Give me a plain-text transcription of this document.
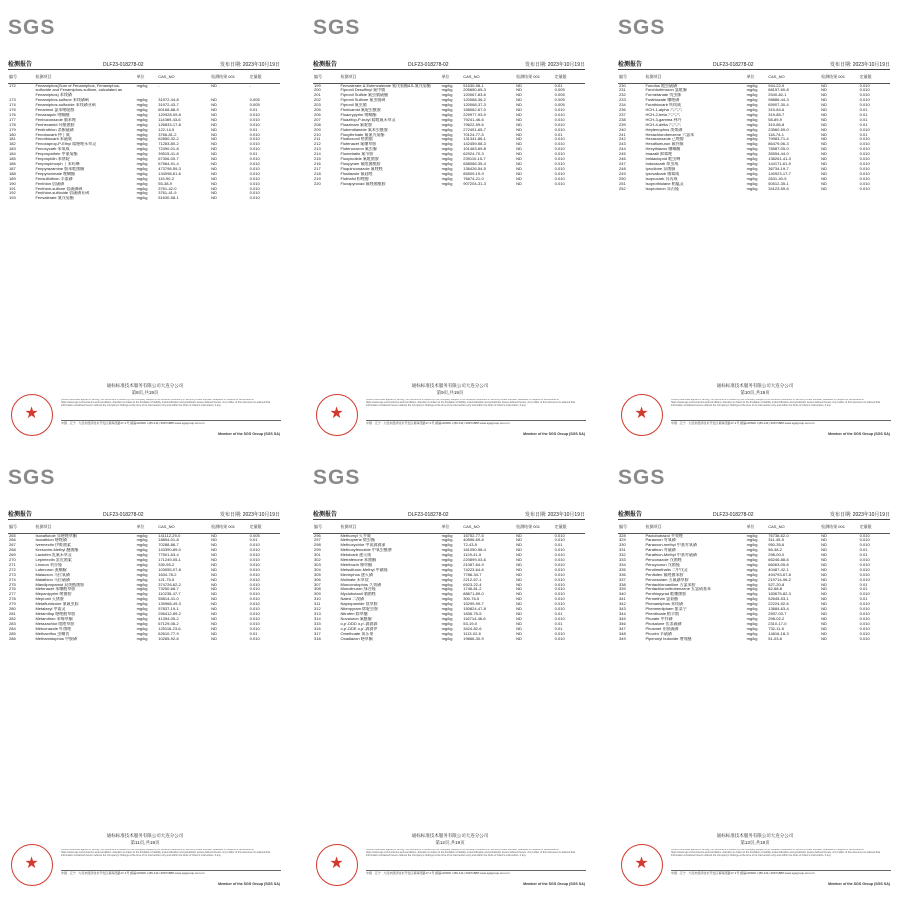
SGS
检测报告	DLF23-018278-02	发布日期: 2023年10月19日
编号	检测项目	单位	CAS_NO	检测结果 001	定量限
172	Fenamiphos(Sum of Fenamiphos, Fenamiphos-sulfoxide and Fenamiphos-sulfone, calculated as Fenamiphos) 苯线磷	mg/kg	-	ND	-
173	Fenamiphos-sulfone 苯线磷砜	mg/kg	31972-44-8	ND	0.005
174	Fenamiphos-sulfoxide 苯线磷亚砜	mg/kg	31972-43-7	ND	0.005
175	Fenarimol 氯苯嘧啶醇	mg/kg	60168-88-9	ND	0.01
176	Fenazaquin 喹螨醚	mg/kg	120928-09-8	ND	0.010
177	Fenbuconazole 腈苯唑	mg/kg	114369-43-6	ND	0.010
178	Fenhexamid 环酰菌胺	mg/kg	126833-17-8	ND	0.010
179	Fenitrothion 杀螟硫磷	mg/kg	122-14-5	ND	0.01
180	Fenobucarb 仲丁威	mg/kg	3766-81-2	ND	0.010
181	Fenothiocarb 苯硫威	mg/kg	62850-32-2	ND	0.010
182	Fenoxaprop-P-Ethyl 精噁唑禾草灵	mg/kg	71283-80-2	ND	0.010
183	Fenoxycarb 苯氧威	mg/kg	72490-01-8	ND	0.010
184	Fenpropathrin 甲氰菊酯	mg/kg	39515-41-8	ND	0.01
185	Fenpropidin 苯锈啶	mg/kg	67306-00-7	ND	0.010
186	Fenpropimorph 丁苯吗啉	mg/kg	67564-91-4	ND	0.010
187	Fenpyrazamine 胺苯吡菌酮	mg/kg	473798-59-3	ND	0.010
188	Fenpyroximate 唑螨酯	mg/kg	134098-61-6	ND	0.010
189	Fensulfothion 丰索磷	mg/kg	115-90-2	ND	0.010
190	Fenthion 倍硫磷	mg/kg	55-38-9	ND	0.010
191	Fenthion-sulfone 倍硫磷砜	mg/kg	3761-42-0	ND	0.010
192	Fenthion-sulfoxide 倍硫磷亚砜	mg/kg	3761-41-9	ND	0.010
193	Fenvalerate 氰戊菊酯	mg/kg	51630-58-1	ND	0.010
通标标准技术服务有限公司大连分公司
第8页,共19页
★
Unless otherwise agreed in writing, this document is issued by the Company subject to its General Conditions of Service printed overleaf, available on request or accessible at https://www.sgs.com/en/terms-and-conditions. Attention is drawn to the limitation of liability, indemnification and jurisdiction issues defined therein. Any holder of this document is advised that information contained hereon reflects the Company's findings at the time of its intervention only and within the limits of Client's instructions, if any.
中国 · 辽宁 · 大连市经济技术开发区黄海西路17-1号 邮编116600 t (86-411) 39971888 www.sgsgroup.com.cn
Member of the SGS Group (SGS SA)
SGS
检测报告	DLF23-018278-02	发布日期: 2023年10月19日
编号	检测项目	单位	CAS_NO	检测结果 001	定量限
199	Fenvalerate & Esfenvalerate 氰戊菊酯&S-氰戊菊酯	mg/kg	51630-58-1	ND	0.01
200	Fipronil Desulfinyl 氟甲腈	mg/kg	205650-65-3	ND	0.005
201	Fipronil Sulfide 氟虫腈硫醚	mg/kg	120067-83-6	ND	0.005
202	Fipronil Sulfone 氟虫腈砜	mg/kg	120068-36-2	ND	0.005
203	Fipronil 氟虫腈	mg/kg	120068-37-3	ND	0.005
205	Flonicamid 氟啶虫酰胺	mg/kg	158062-67-0	ND	0.010
206	Fluacrypyrim 嘧螨酯	mg/kg	229977-93-9	ND	0.010
207	Fluazifop-P-butyl 精吡氟禾草灵	mg/kg	79241-46-6	ND	0.010
208	Fluazinam 氟啶胺	mg/kg	79622-59-6	ND	0.010
209	Flubendiamide 氟苯虫酰胺	mg/kg	272451-65-7	ND	0.010
210	Flucythrinate 氟氰戊菊酯	mg/kg	70124-77-5	ND	0.01
211	Fludioxonil 咯菌腈	mg/kg	131341-86-1	ND	0.010
212	Flufenacet 氟噻草胺	mg/kg	142459-58-3	ND	0.010
213	Flufenoxuron 氟虫脲	mg/kg	101463-69-8	ND	0.010
214	Flumetralin 氟节胺	mg/kg	62924-70-3	ND	0.010
215	Fluopicolide 氟吡菌胺	mg/kg	239110-15-7	ND	0.010
216	Fluopyram 氟吡菌酰胺	mg/kg	658066-35-4	ND	0.010
217	Fluquinconazole 氟喹唑	mg/kg	136426-54-5	ND	0.010
218	Flusilazole 氟硅唑	mg/kg	85509-19-9	ND	0.010
219	Flutriafol 粉唑醇	mg/kg	76674-21-0	ND	0.010
220	Fluxapyroxad 氟唑菌酰胺	mg/kg	907204-31-3	ND	0.010
通标标准技术服务有限公司大连分公司
第9页,共19页
★
Unless otherwise agreed in writing, this document is issued by the Company subject to its General Conditions of Service printed overleaf, available on request or accessible at https://www.sgs.com/en/terms-and-conditions. Attention is drawn to the limitation of liability, indemnification and jurisdiction issues defined therein. Any holder of this document is advised that information contained hereon reflects the Company's findings at the time of its intervention only and within the limits of Client's instructions, if any.
中国 · 辽宁 · 大连市经济技术开发区黄海西路17-1号 邮编116600 t (86-411) 39971888 www.sgsgroup.com.cn
Member of the SGS Group (SGS SA)
SGS
检测报告	DLF23-018278-02	发布日期: 2023年10月19日
编号	检测项目	单位	CAS_NO	检测结果 001	定量限
230	Fonofos 地虫硫磷	mg/kg	944-22-9	ND	0.010
231	Forchlorfenuron 氯吡脲	mg/kg	68157-60-8	ND	0.010
232	Formetanate 伐虫脒	mg/kg	2540-82-1	ND	0.010
233	Fosthiazate 噻唑磷	mg/kg	98886-44-3	ND	0.010
234	Furathiocarb 呋线威	mg/kg	65907-30-4	ND	0.010
236	HCH-1-alpha 六六六	mg/kg	319-84-6	ND	0.01
237	HCH-2-beta 六六六	mg/kg	319-85-7	ND	0.01
238	HCH-3-gamma 林丹	mg/kg	58-89-9	ND	0.01
239	HCH-4-delta 六六六	mg/kg	319-86-8	ND	0.01
240	Heptenophos 庚烯磷	mg/kg	23560-59-0	ND	0.010
241	Hexachlorobenzene 六氯苯	mg/kg	118-74-1	ND	0.01
242	Hexaconazole 己唑醇	mg/kg	79983-71-4	ND	0.010
243	Hexaflumuron 氟铃脲	mg/kg	86479-06-3	ND	0.010
244	Hexythiazox 噻螨酮	mg/kg	78587-05-0	ND	0.010
245	Imazalil 抑霉唑	mg/kg	35554-44-0	ND	0.010
246	Imidacloprid 吡虫啉	mg/kg	138261-41-3	ND	0.010
247	Indoxacarb 茚虫威	mg/kg	144171-61-9	ND	0.010
248	Iprodione 异菌脲	mg/kg	36734-19-7	ND	0.010
249	Iprovalicarb 缬霉威	mg/kg	140923-17-7	ND	0.010
250	Isoprocarb 异丙威	mg/kg	2631-40-5	ND	0.010
251	Isoprothiolane 稻瘟灵	mg/kg	50512-35-1	ND	0.010
252	Isoproturon 异丙隆	mg/kg	34123-59-6	ND	0.010
通标标准技术服务有限公司大连分公司
第10页,共19页
★
Unless otherwise agreed in writing, this document is issued by the Company subject to its General Conditions of Service printed overleaf, available on request or accessible at https://www.sgs.com/en/terms-and-conditions. Attention is drawn to the limitation of liability, indemnification and jurisdiction issues defined therein. Any holder of this document is advised that information contained hereon reflects the Company's findings at the time of its intervention only and within the limits of Client's instructions, if any.
中国 · 辽宁 · 大连市经济技术开发区黄海西路17-1号 邮编116600 t (86-411) 39971888 www.sgsgroup.com.cn
Member of the SGS Group (SGS SA)
SGS
检测报告	DLF23-018278-02	发布日期: 2023年10月19日
编号	检测项目	单位	CAS_NO	检测结果 001	定量限
265	Isoxaflutole 异噁唑草酮	mg/kg	141112-29-0	ND	0.005
266	Isoxathion 噁唑磷	mg/kg	18854-01-8	ND	0.01
267	Ivermectin 伊维菌素	mg/kg	70288-86-7	ND	0.010
268	Kresoxim-Methyl 醚菌酯	mg/kg	143390-89-0	ND	0.010
269	Lactofen 乳氟禾草灵	mg/kg	77501-63-4	ND	0.010
270	Lepimectin 雷皮菌素	mg/kg	171249-05-1	ND	0.010
271	Linuron 利谷隆	mg/kg	330-55-2	ND	0.010
272	Lufenuron 虱螨脲	mg/kg	103055-07-8	ND	0.010
273	Malaoxon 马拉氧磷	mg/kg	1634-78-2	ND	0.010
274	Malathion 马拉硫磷	mg/kg	121-75-5	ND	0.010
275	Mandipropamid 双炔酰菌胺	mg/kg	374726-62-2	ND	0.010
276	Mefenacet 苯噻酰草胺	mg/kg	73250-68-7	ND	0.010
277	Mepanipyrim 嘧菌胺	mg/kg	110235-47-7	ND	0.010
278	Mepronil 灭锈胺	mg/kg	55814-41-0	ND	0.010
279	Metaflumizone 氰氟虫腙	mg/kg	139968-49-3	ND	0.010
280	Metalaxyl 甲霜灵	mg/kg	57837-19-1	ND	0.010
281	Metamifop 噁唑酰草胺	mg/kg	256412-89-2	ND	0.010
282	Metamitron 苯嗪草酮	mg/kg	41394-05-2	ND	0.010
283	Metazachlor 吡唑草胺	mg/kg	67129-08-2	ND	0.010
284	Metconazole 叶菌唑	mg/kg	125116-23-6	ND	0.010
285	Methacrifos 虫螨畏	mg/kg	62610-77-9	ND	0.01
286	Methamidophos 甲胺磷	mg/kg	10265-92-6	ND	0.010
通标标准技术服务有限公司大连分公司
第11页,共19页
★
Unless otherwise agreed in writing, this document is issued by the Company subject to its General Conditions of Service printed overleaf, available on request or accessible at https://www.sgs.com/en/terms-and-conditions. Attention is drawn to the limitation of liability, indemnification and jurisdiction issues defined therein. Any holder of this document is advised that information contained hereon reflects the Company's findings at the time of its intervention only and within the limits of Client's instructions, if any.
中国 · 辽宁 · 大连市经济技术开发区黄海西路17-1号 邮编116600 t (86-411) 39971888 www.sgsgroup.com.cn
Member of the SGS Group (SGS SA)
SGS
检测报告	DLF23-018278-02	发布日期: 2023年10月19日
编号	检测项目	单位	CAS_NO	检测结果 001	定量限
296	Methomyl 灭多威	mg/kg	16752-77-5	ND	0.010
297	Methoprene 烯虫酯	mg/kg	40596-69-8	ND	0.010
298	Methoxychlor 甲氧滴滴涕	mg/kg	72-43-5	ND	0.01
299	Methoxyfenozide 甲氧虫酰肼	mg/kg	161050-58-4	ND	0.010
301	Metolcarb 速灭威	mg/kg	1129-41-5	ND	0.010
302	Metrafenone 苯菌酮	mg/kg	220899-03-6	ND	0.010
303	Metribuzin 嗪草酮	mg/kg	21087-64-9	ND	0.010
304	Metsulfuron-Methyl 甲磺隆	mg/kg	74223-64-6	ND	0.010
305	Mevinphos 速灭磷	mg/kg	7786-34-7	ND	0.010
306	Molinate 禾草敌	mg/kg	2212-67-1	ND	0.010
307	Monocrotophos 久效磷	mg/kg	6923-22-4	ND	0.010
308	Monolinuron 绿谷隆	mg/kg	1746-81-2	ND	0.010
309	Myclobutanil 腈菌唑	mg/kg	88671-89-0	ND	0.010
310	Naled 二溴磷	mg/kg	300-76-5	ND	0.010
311	Napropamide 敌草胺	mg/kg	15299-99-7	ND	0.010
312	Nitenpyram 烯啶虫胺	mg/kg	150824-47-8	ND	0.010
313	Nitrofen 除草醚	mg/kg	1836-75-5	ND	0.01
314	Novaluron 氟酰脲	mg/kg	116714-46-6	ND	0.010
315	o,p'-DDD o,p'-滴滴滴	mg/kg	53-19-0	ND	0.01
316	o,p'-DDE o,p'-滴滴伊	mg/kg	3424-82-6	ND	0.01
317	Omethoate 氧乐果	mg/kg	1113-02-6	ND	0.010
318	Oxadiazon 噁草酮	mg/kg	19666-30-9	ND	0.010
通标标准技术服务有限公司大连分公司
第12页,共19页
★
Unless otherwise agreed in writing, this document is issued by the Company subject to its General Conditions of Service printed overleaf, available on request or accessible at https://www.sgs.com/en/terms-and-conditions. Attention is drawn to the limitation of liability, indemnification and jurisdiction issues defined therein. Any holder of this document is advised that information contained hereon reflects the Company's findings at the time of its intervention only and within the limits of Client's instructions, if any.
中国 · 辽宁 · 大连市经济技术开发区黄海西路17-1号 邮编116600 t (86-411) 39971888 www.sgsgroup.com.cn
Member of the SGS Group (SGS SA)
SGS
检测报告	DLF23-018278-02	发布日期: 2023年10月19日
编号	检测项目	单位	CAS_NO	检测结果 001	定量限
328	Paclobutrazol 多效唑	mg/kg	76738-62-0	ND	0.010
329	Paraoxon 对氧磷	mg/kg	311-45-5	ND	0.010
330	Paraoxon-methyl 甲基对氧磷	mg/kg	950-35-6	ND	0.010
331	Parathion 对硫磷	mg/kg	56-38-2	ND	0.01
332	Parathion-Methyl 甲基对硫磷	mg/kg	298-00-0	ND	0.01
333	Penconazole 戊菌唑	mg/kg	66246-88-6	ND	0.010
334	Pencycuron 戊菌隆	mg/kg	66063-05-6	ND	0.010
335	Pendimethalin 二甲戊灵	mg/kg	40487-42-1	ND	0.010
336	Penflufen 氟唑菌苯胺	mg/kg	494793-67-8	ND	0.010
337	Penoxsulam 五氟磺草胺	mg/kg	219714-96-2	ND	0.010
338	Pentachloroaniline 五氯苯胺	mg/kg	527-20-8	ND	0.01
339	Pentachloronitrobenzene 五氯硝基苯	mg/kg	82-68-8	ND	0.01
340	Penthiopyrad 吡噻菌胺	mg/kg	183675-82-3	ND	0.010
341	Permethrin 氯菊酯	mg/kg	52645-53-1	ND	0.01
342	Phenamiphos 苯线磷	mg/kg	22224-92-6	ND	0.010
343	Phenmedipham 甜菜宁	mg/kg	13684-63-4	ND	0.010
344	Phenthoate 稻丰散	mg/kg	2597-03-7	ND	0.010
345	Phorate 甲拌磷	mg/kg	298-02-2	ND	0.010
346	Phosalone 伏杀硫磷	mg/kg	2310-17-0	ND	0.010
347	Phosmet 亚胺硫磷	mg/kg	732-11-6	ND	0.010
348	Phoxim 辛硫磷	mg/kg	14816-18-3	ND	0.010
349	Piperonyl butoxide 增效醚	mg/kg	51-03-6	ND	0.010
通标标准技术服务有限公司大连分公司
第13页,共19页
★
Unless otherwise agreed in writing, this document is issued by the Company subject to its General Conditions of Service printed overleaf, available on request or accessible at https://www.sgs.com/en/terms-and-conditions. Attention is drawn to the limitation of liability, indemnification and jurisdiction issues defined therein. Any holder of this document is advised that information contained hereon reflects the Company's findings at the time of its intervention only and within the limits of Client's instructions, if any.
中国 · 辽宁 · 大连市经济技术开发区黄海西路17-1号 邮编116600 t (86-411) 39971888 www.sgsgroup.com.cn
Member of the SGS Group (SGS SA)
